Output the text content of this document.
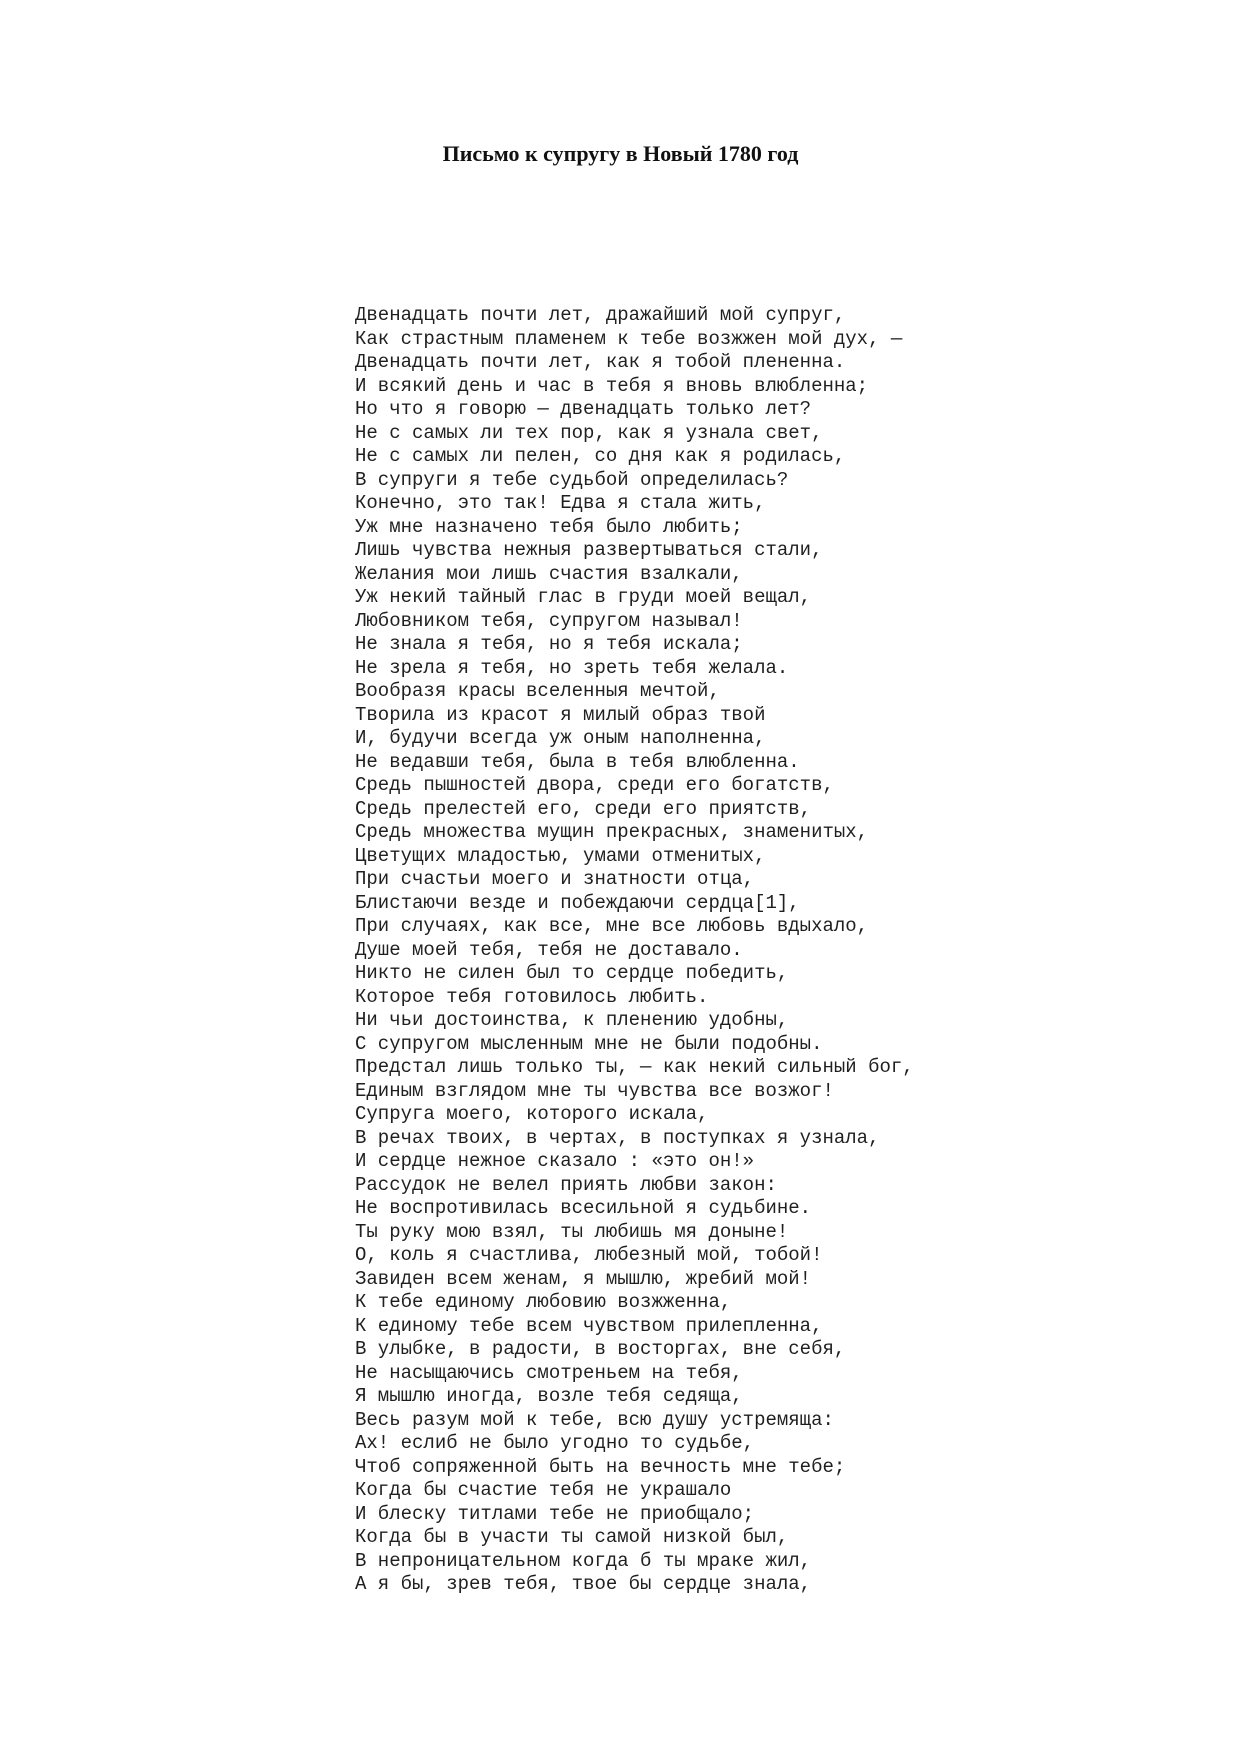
Письмо к супругу в Новый 1780 год
Двенадцать почти лет, дражайший мой супруг,
Как страстным пламенем к тебе возжжен мой дух, —
Двенадцать почти лет, как я тобой плененна.
И всякий день и час в тебя я вновь влюбленна;
Но что я говорю — двенадцать только лет?
Не с самых ли тех пор, как я узнала свет,
Не с самых ли пелен, со дня как я родилась,
В супруги я тебе судьбой определилась?
Конечно, это так! Едва я стала жить,
Уж мне назначено тебя было любить;
Лишь чувства нежныя развертываться стали,
Желания мои лишь счастия взалкали,
Уж некий тайный глас в груди моей вещал,
Любовником тебя, супругом называл!
Не знала я тебя, но я тебя искала;
Не зрела я тебя, но зреть тебя желала.
Вообразя красы вселенныя мечтой,
Творила из красот я милый образ твой
И, будучи всегда уж оным наполненна,
Не ведавши тебя, была в тебя влюбленна.
Средь пышностей двора, среди его богатств,
Средь прелестей его, среди его приятств,
Средь множества мущин прекрасных, знаменитых,
Цветущих младостью, умами отменитых,
При счастьи моего и знатности отца,
Блистаючи везде и побеждаючи сердца[1],
При случаях, как все, мне все любовь вдыхало,
Душе моей тебя, тебя не доставало.
Никто не силен был то сердце победить,
Которое тебя готовилось любить.
Ни чьи достоинства, к пленению удобны,
С супругом мысленным мне не были подобны.
Предстал лишь только ты, — как некий сильный бог,
Единым взглядом мне ты чувства все возжог!
Супруга моего, которого искала,
В речах твоих, в чертах, в поступках я узнала,
И сердце нежное сказало : «это он!»
Рассудок не велел приять любви закон:
Не воспротивилась всесильной я судьбине.
Ты руку мою взял, ты любишь мя доныне!
О, коль я счастлива, любезный мой, тобой!
Завиден всем женам, я мышлю, жребий мой!
К тебе единому любовию возжженна,
К единому тебе всем чувством прилепленна,
В улыбке, в радости, в восторгах, вне себя,
Не насыщаючись смотреньем на тебя,
Я мышлю иногда, возле тебя седяща,
Весь разум мой к тебе, всю душу устремяща:
Ах! еслиб не было угодно то судьбе,
Чтоб сопряженной быть на вечность мне тебе;
Когда бы счастие тебя не украшало
И блеску титлами тебе не приобщало;
Когда бы в участи ты самой низкой был,
В непроницательном когда б ты мраке жил,
А я бы, зрев тебя, твое бы сердце знала,
